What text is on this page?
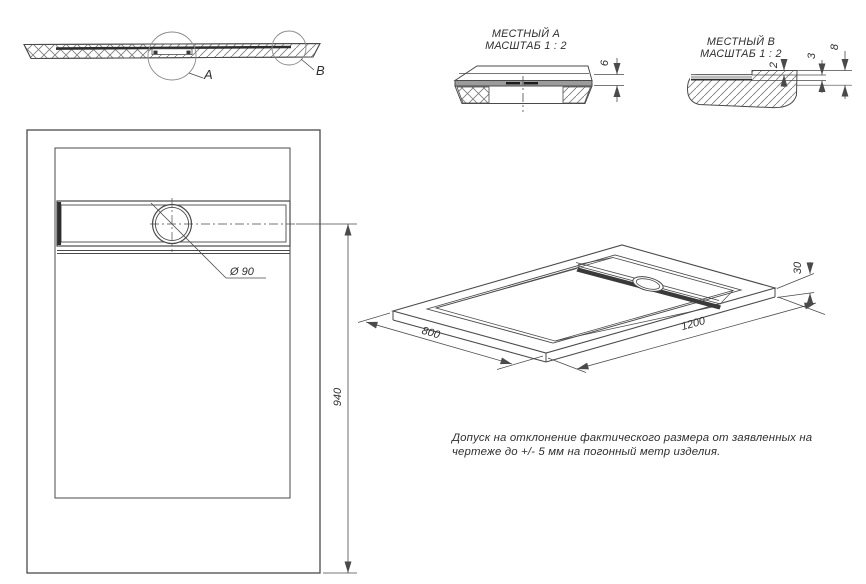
A	B
МЕСТНЫЙ А
МАСШТАБ 1 : 2
6
МЕСТНЫЙ В
МАСШТАБ 1 : 2
2
3
8
Ø 90
940
800	1200
30
Допуск на отклонение фактического размера от заявленных на
чертеже до +/- 5 мм на погонный метр изделия.
